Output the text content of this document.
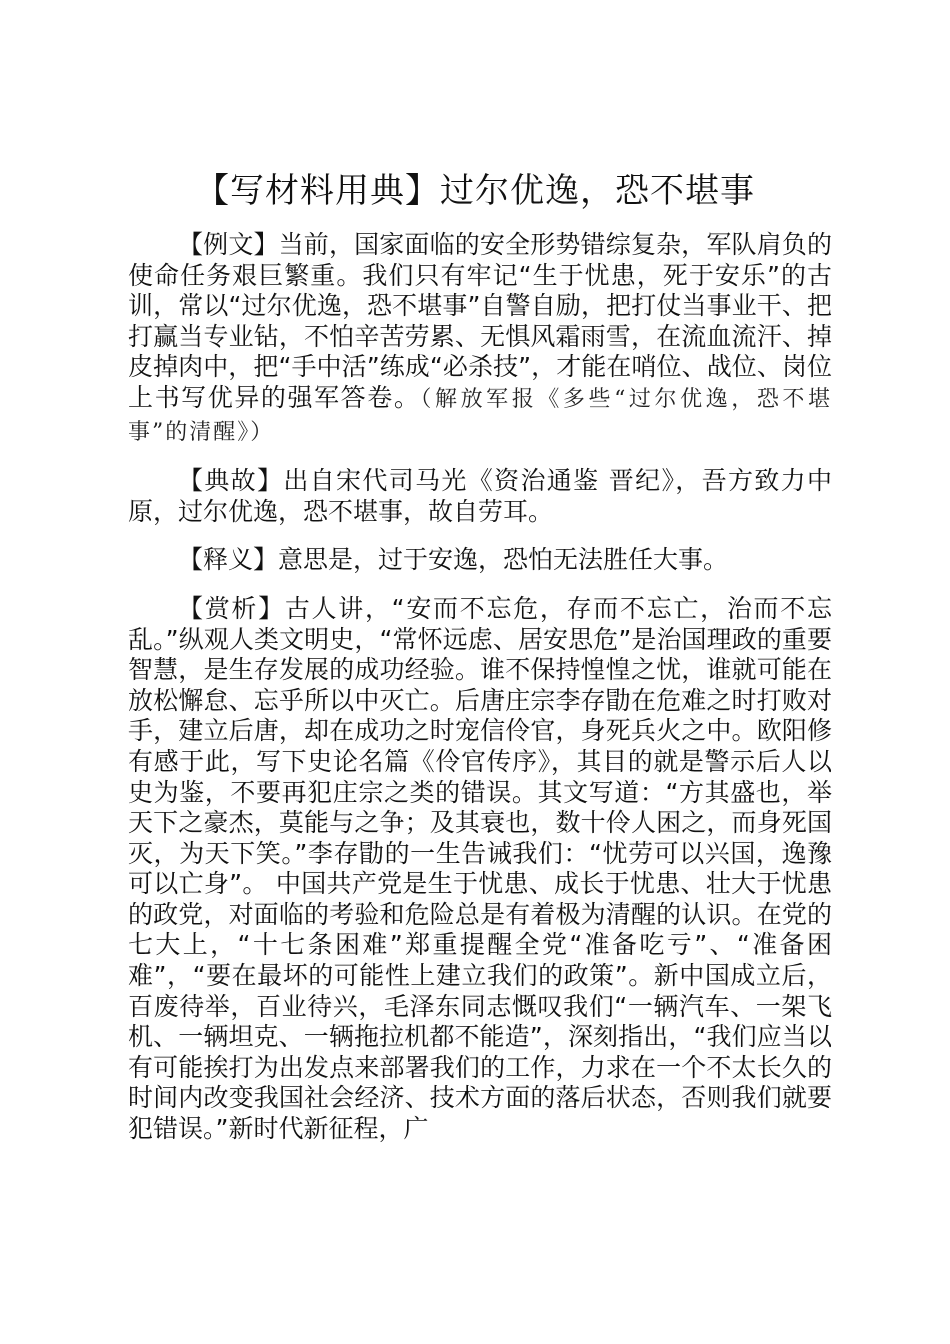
【写材料用典】过尔优逸，恐不堪事

【例文】当前，国家面临的安全形势错综复杂，军队肩负的使命任务艰巨繁重。我们只有牢记“生于忧患，死于安乐”的古训，常以“过尔优逸，恐不堪事”自警自励，把打仗当事业干、把打赢当专业钻，不怕辛苦劳累、无惧风霜雨雪，在流血流汗、掉皮掉肉中，把“手中活”练成“必杀技”，才能在哨位、战位、岗位上书写优异的强军答卷。（解放军报《多些“过尔优逸，恐不堪事”的清醒》）

【典故】出自宋代司马光《资治通鉴 晋纪》，吾方致力中原，过尔优逸，恐不堪事，故自劳耳。

【释义】意思是，过于安逸，恐怕无法胜任大事。

【赏析】古人讲，“安而不忘危，存而不忘亡，治而不忘乱。”纵观人类文明史，“常怀远虑、居安思危”是治国理政的重要智慧，是生存发展的成功经验。谁不保持惶惶之忧，谁就可能在放松懈怠、忘乎所以中灭亡。后唐庄宗李存勖在危难之时打败对手，建立后唐，却在成功之时宠信伶官，身死兵火之中。欧阳修有感于此，写下史论名篇《伶官传序》，其目的就是警示后人以史为鉴，不要再犯庄宗之类的错误。其文写道：“方其盛也，举天下之豪杰，莫能与之争；及其衰也，数十伶人困之，而身死国灭，为天下笑。”李存勖的一生告诫我们：“忧劳可以兴国，逸豫可以亡身”。 中国共产党是生于忧患、成长于忧患、壮大于忧患的政党，对面临的考验和危险总是有着极为清醒的认识。在党的七大上，“十七条困难”郑重提醒全党“准备吃亏”、“准备困难”，“要在最坏的可能性上建立我们的政策”。新中国成立后，百废待举，百业待兴，毛泽东同志慨叹我们“一辆汽车、一架飞机、一辆坦克、一辆拖拉机都不能造”，深刻指出，“我们应当以有可能挨打为出发点来部署我们的工作，力求在一个不太长久的时间内改变我国社会经济、技术方面的落后状态，否则我们就要犯错误。”新时代新征程，广
